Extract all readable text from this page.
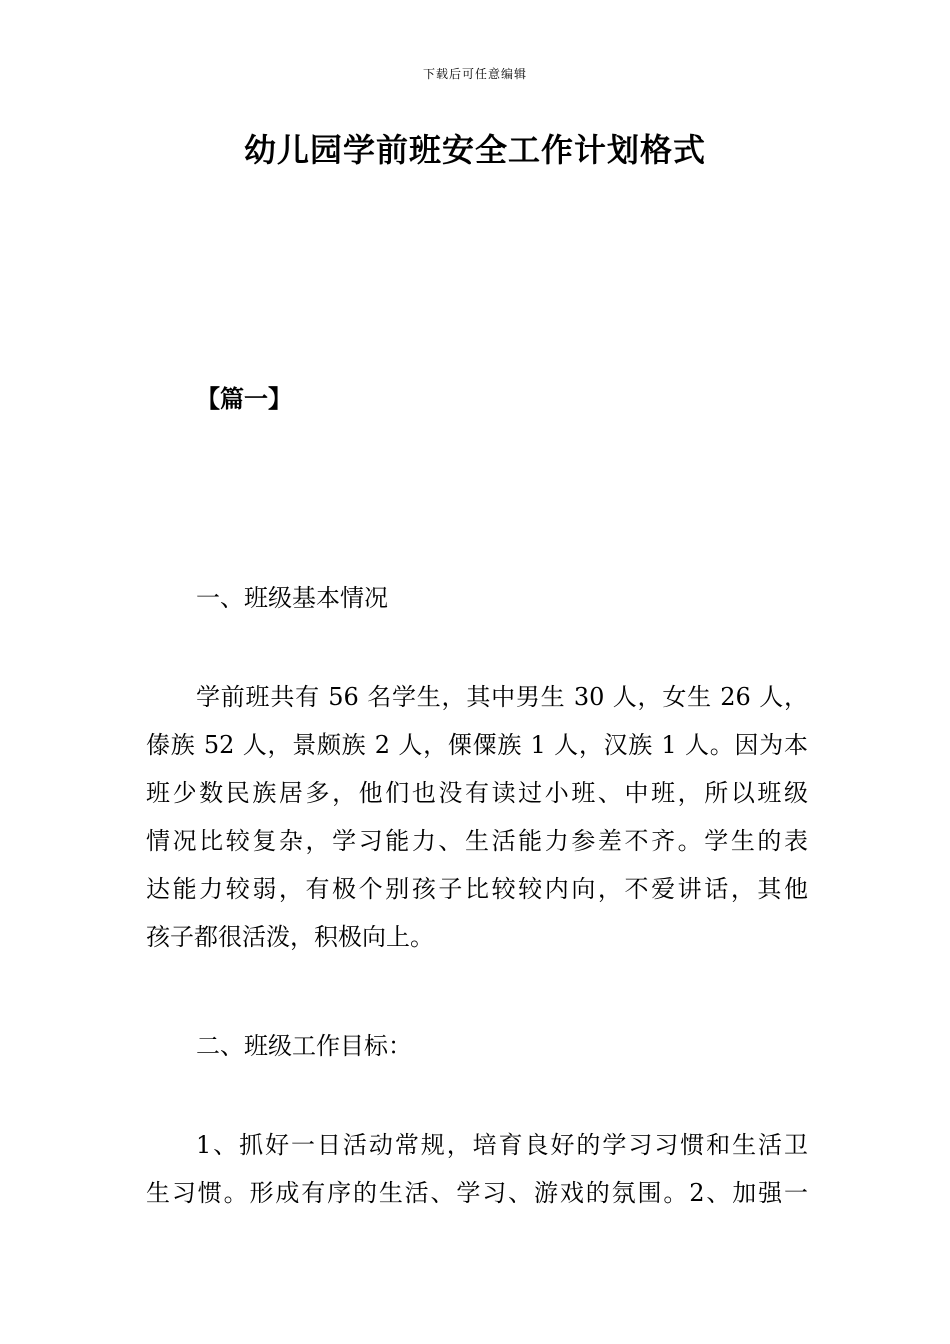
下载后可任意编辑
幼儿园学前班安全工作计划格式
【篇一】
一、班级基本情况
学前班共有 56 名学生，其中男生 30 人，女生 26 人，
傣族 52 人，景颇族 2 人，傈僳族 1 人，汉族 1 人。因为本
班少数民族居多，他们也没有读过小班、中班，所以班级
情况比较复杂，学习能力、生活能力参差不齐。学生的表
达能力较弱，有极个别孩子比较较内向，不爱讲话，其他
孩子都很活泼，积极向上。
二、班级工作目标：
1、抓好一日活动常规，培育良好的学习习惯和生活卫
生习惯。形成有序的生活、学习、游戏的氛围。2、加强一
